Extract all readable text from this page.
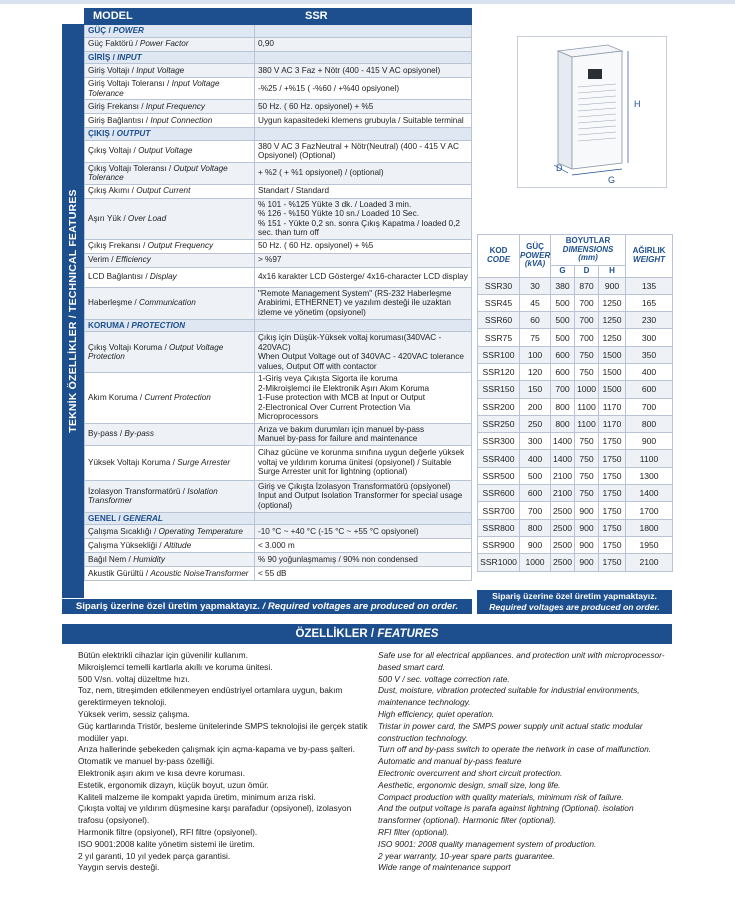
TEKNİK ÖZELLİKLER / TECHNICAL FEATURES
MODEL	SSR
GÜÇ / POWER	
Güç Faktörü / Power Factor	0,90
GİRİŞ / INPUT	
Giriş Voltajı / Input Voltage	380 V AC 3 Faz + Nötr (400 - 415 V AC opsiyonel)
Giriş Voltajı Toleransı / Input Voltage Tolerance	-%25 / +%15 ( -%60 / +%40 opsiyonel)
Giriş Frekansı / Input Frequency	50 Hz. ( 60 Hz. opsiyonel) + %5
Giriş Bağlantısı / Input Connection	Uygun kapasitedeki klemens grubuyla / Suitable terminal
ÇIKIŞ / OUTPUT	
Çıkış Voltajı / Output Voltage	380 V AC 3 FazNeutral + Nötr(Neutral) (400 - 415 V AC Opsiyonel) (Optional)
Çıkış Voltajı Toleransı / Output Voltage Tolerance	+ %2 ( + %1 opsiyonel) / (optional)
Çıkış Akımı / Output Current	Standart / Standard
Aşırı Yük / Over Load	% 101 - %125 Yükte 3 dk. / Loaded 3 min.
% 126 - %150 Yükte 10 sn./ Loaded 10 Sec.
% 151 - Yükte 0,2 sn. sonra Çıkış Kapatma / loaded 0,2 sec. than turn off
Çıkış Frekansı / Output Frequency	50 Hz. ( 60 Hz. opsiyonel) + %5
Verim / Efficiency	> %97
LCD Bağlantısı / Display	4x16 karakter LCD Gösterge/ 4x16-character LCD display
Haberleşme / Communication	"Remote Management System" (RS-232 Haberleşme Arabirimi, ETHERNET) ve yazılım desteği ile uzaktan izleme ve yönetim (opsiyonel)
KORUMA / PROTECTION	
Çıkış Voltajı Koruma / Output Voltage Protection	Çıkış için Düşük-Yüksek voltaj koruması(340VAC - 420VAC)
When Output Voltage out of 340VAC - 420VAC tolerance values, Output Off with contactor
Akım Koruma / Current Protection	1-Giriş veya Çıkışta Sigorta ile koruma
2-Mikroişlemci ile Elektronik Aşırı Akım Koruma
1-Fuse protection with MCB at Input or Output
2-Electronical Over Current Protection Via Microprocessors
By-pass / By-pass	Arıza ve bakım durumları için manuel by-pass
Manuel by-pass for failure and maintenance
Yüksek Voltajı Koruma / Surge Arrester	Cihaz gücüne ve korunma sınıfına uygun değerle yüksek voltaj ve yıldırım koruma ünitesi (opsiyonel) / Suitable Surge Arrester unit for lightning (optional)
İzolasyon Transformatörü / Isolation Transformer	Giriş ve Çıkışta İzolasyon Transformatörü (opsiyonel)
Input and Output Isolation Transformer for special usage (optional)
GENEL / GENERAL	
Çalışma Sıcaklığı / Operating Temperature	-10 °C ~ +40 °C (-15 °C ~ +55 °C opsiyonel)
Çalışma Yüksekliği / Altitude	< 3.000 m
Bağıl Nem / Humidity	% 90 yoğunlaşmamış / 90% non condensed
Akustik Gürültü / Acoustic NoiseTransformer	< 55 dB
Sipariş üzerine özel üretim yapmaktayız. / Required voltages are produced on order.
H
D
G
KOD
CODE	GÜÇ
POWER
(kVA)	BOYUTLAR
DIMENSIONS
(mm)			AĞIRLIK
WEIGHT
		G	D	H	
SSR30	30	380	870	900	135
SSR45	45	500	700	1250	165
SSR60	60	500	700	1250	230
SSR75	75	500	700	1250	300
SSR100	100	600	750	1500	350
SSR120	120	600	750	1500	400
SSR150	150	700	1000	1500	600
SSR200	200	800	1100	1170	700
SSR250	250	800	1100	1170	800
SSR300	300	1400	750	1750	900
SSR400	400	1400	750	1750	1100
SSR500	500	2100	750	1750	1300
SSR600	600	2100	750	1750	1400
SSR700	700	2500	900	1750	1700
SSR800	800	2500	900	1750	1800
SSR900	900	2500	900	1750	1950
SSR1000	1000	2500	900	1750	2100
Sipariş üzerine özel üretim yapmaktayız.
Required voltages are produced on order.
ÖZELLİKLER / FEATURES
Bütün elektrikli cihazlar için güvenilir kullanım.
Mikroişlemci temelli kartlarla akıllı ve koruma ünitesi.
500 V/sn. voltaj düzeltme hızı.
Toz, nem, titreşimden etkilenmeyen endüstriyel ortamlara uygun, bakım gerektirmeyen teknoloji.
Yüksek verim, sessiz çalışma.
Güç kartlarında Tristör, besleme ünitelerinde SMPS teknolojisi ile gerçek statik modüler yapı.
Arıza hallerinde şebekeden çalışmak için açma-kapama ve by-pass şalteri.
Otomatik ve manuel by-pass özelliği.
Elektronik aşırı akım ve kısa devre koruması.
Estetik, ergonomik dizayn, küçük boyut, uzun ömür.
Kaliteli malzeme ile kompakt yapıda üretim, minimum arıza riski.
Çıkışta voltaj ve yıldırım düşmesine karşı parafadur (opsiyonel), izolasyon trafosu (opsiyonel).
Harmonik filtre (opsiyonel), RFI filtre (opsiyonel).
ISO 9001:2008 kalite yönetim sistemi ile üretim.
2 yıl garanti, 10 yıl yedek parça garantisi.
Yaygın servis desteği.
Safe use for all electrical appliances. and protection unit with microprocessor-based smart card.
500 V / sec. voltage correction rate.
Dust, moisture, vibration protected suitable for industrial environments, maintenance technology.
High efficiency, quiet operation.
Tristar in power card, the SMPS power supply unit actual static modular construction technology.
Turn off and by-pass switch to operate the network in case of malfunction.
Automatic and manual by-pass feature
Electronic overcurrent and short circuit protection.
Aesthetic, ergonomic design, small size, long life.
Compact production with quality materials, minimum risk of failure.
And the output voltage is parafa against lightning (Optional). isolation transformer (optional). Harmonic filter (optional).
RFI filter (optional).
ISO 9001: 2008 quality management system of production.
2 year warranty, 10-year spare parts guarantee.
Wide range of maintenance support
